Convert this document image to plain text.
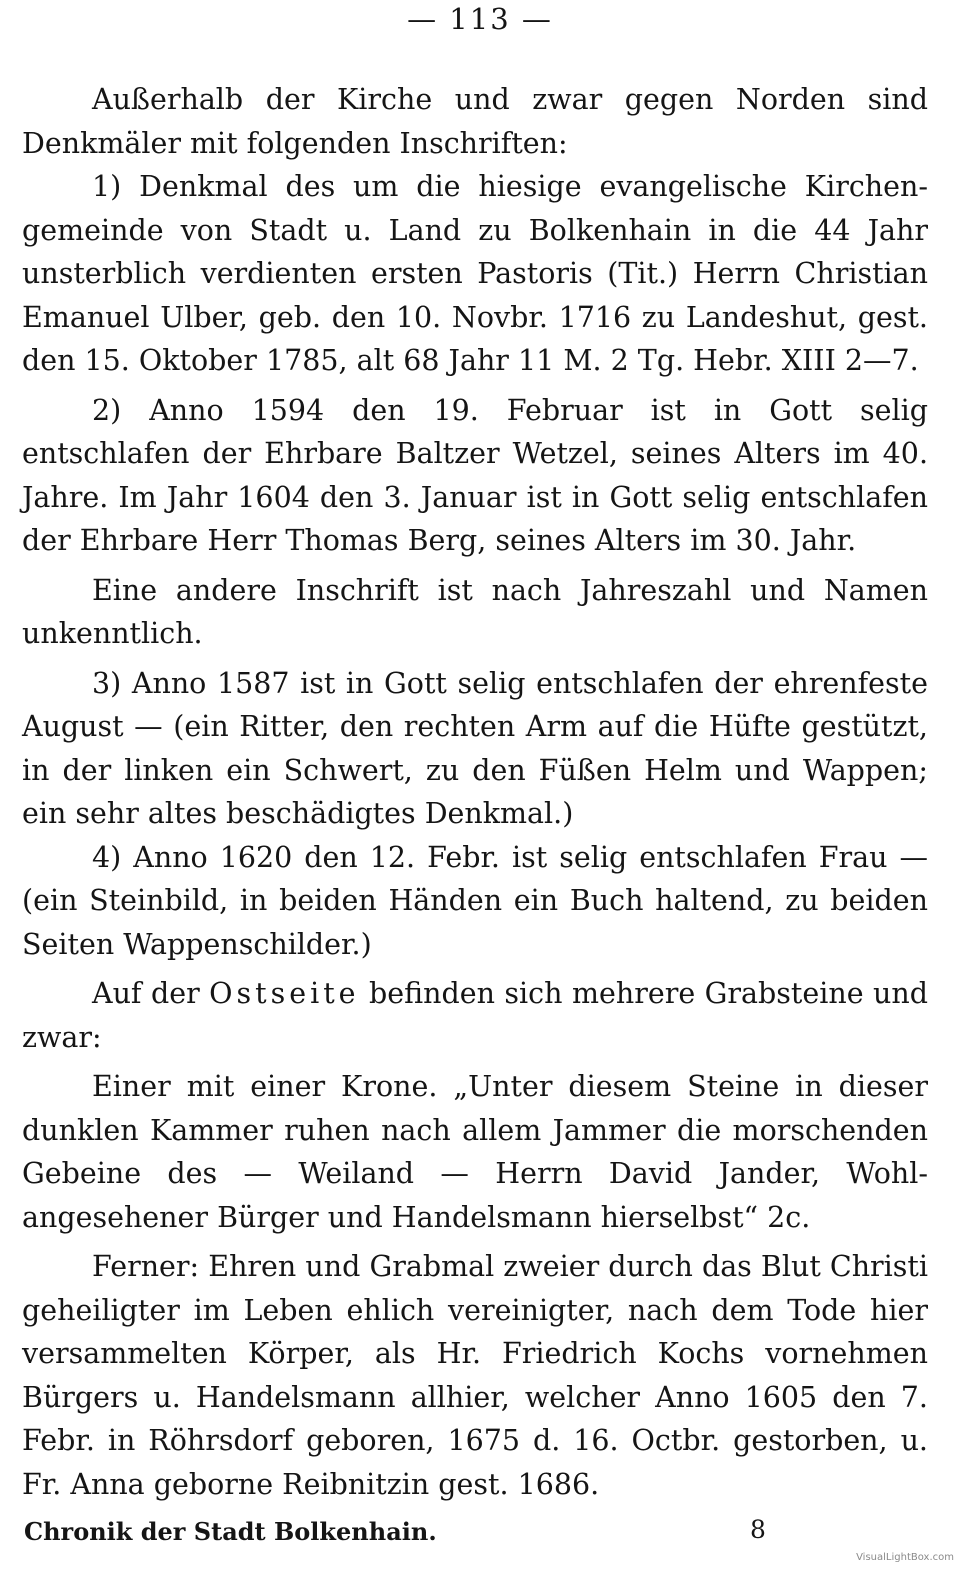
— 113 —

Außerhalb der Kirche und zwar gegen Norden sind Denkmäler mit folgenden Inschriften:

1) Denkmal des um die hiesige evangelische Kirchen-gemeinde von Stadt u. Land zu Bolkenhain in die 44 Jahr unsterblich verdienten ersten Pastoris (Tit.) Herrn Christian Emanuel Ulber, geb. den 10. Novbr. 1716 zu Landeshut, gest. den 15. Oktober 1785, alt 68 Jahr 11 M. 2 Tg. Hebr. XIII 2—7.

2) Anno 1594 den 19. Februar ist in Gott selig entschlafen der Ehrbare Baltzer Wetzel, seines Alters im 40. Jahre. Im Jahr 1604 den 3. Januar ist in Gott selig entschlafen der Ehrbare Herr Thomas Berg, seines Alters im 30. Jahr.

Eine andere Inschrift ist nach Jahreszahl und Namen unkenntlich.

3) Anno 1587 ist in Gott selig entschlafen der ehrenfeste August — (ein Ritter, den rechten Arm auf die Hüfte gestützt, in der linken ein Schwert, zu den Füßen Helm und Wappen; ein sehr altes beschädigtes Denkmal.)

4) Anno 1620 den 12. Febr. ist selig entschlafen Frau — (ein Steinbild, in beiden Händen ein Buch haltend, zu beiden Seiten Wappenschilder.)

Auf der Ostseite befinden sich mehrere Grabsteine und zwar:

Einer mit einer Krone. „Unter diesem Steine in dieser dunklen Kammer ruhen nach allem Jammer die morschenden Gebeine des — Weiland — Herrn David Jander, Wohl-angesehener Bürger und Handelsmann hierselbst“ 2c.

Ferner: Ehren und Grabmal zweier durch das Blut Christi geheiligter im Leben ehlich vereinigter, nach dem Tode hier versammelten Körper, als Hr. Friedrich Kochs vornehmen Bürgers u. Handelsmann allhier, welcher Anno 1605 den 7. Febr. in Röhrsdorf geboren, 1675 d. 16. Octbr. gestorben, u. Fr. Anna geborne Reibnitzin gest. 1686.

Chronik der Stadt Bolkenhain.	8
VisualLightBox.com
